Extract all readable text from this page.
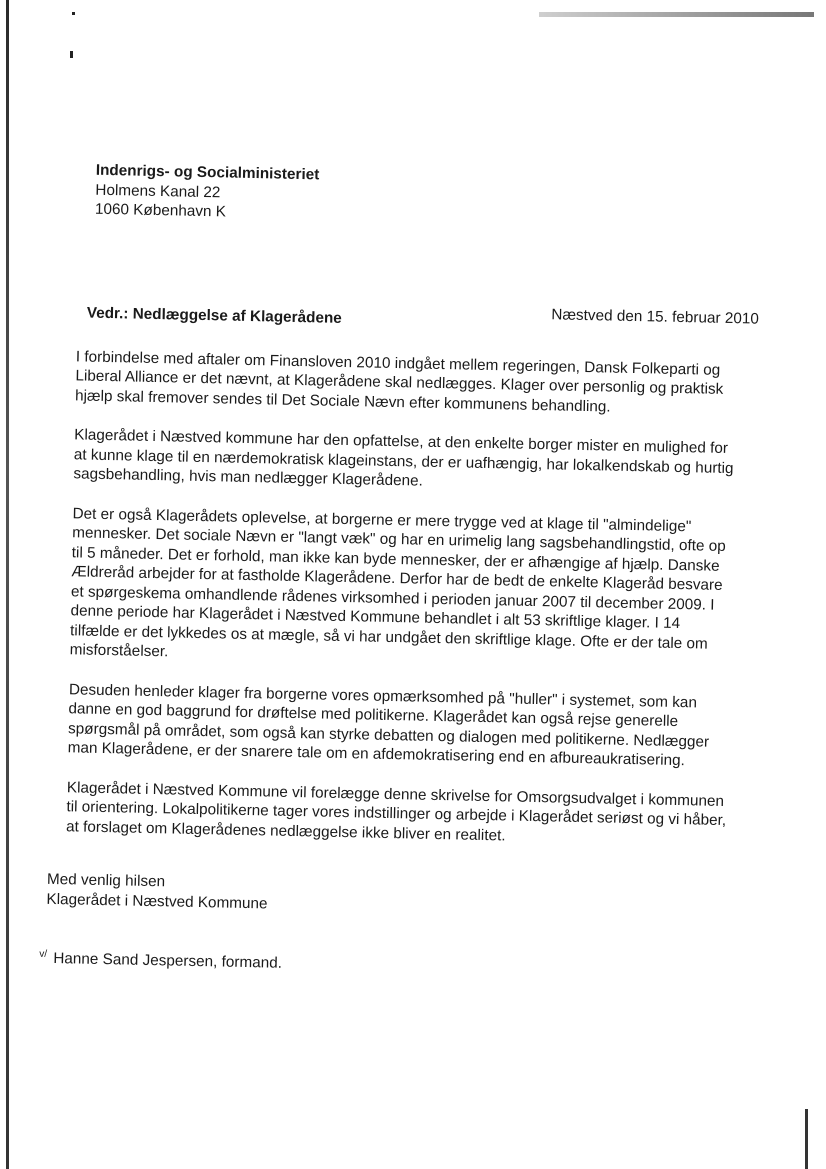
Indenrigs- og Socialministeriet
Holmens Kanal 22
1060 København K
Vedr.: Nedlæggelse af Klagerådene	Næstved den 15. februar 2010

I forbindelse med aftaler om Finansloven 2010 indgået mellem regeringen, Dansk Folkeparti og Liberal Alliance er det nævnt, at Klagerådene skal nedlægges. Klager over personlig og praktisk hjælp skal fremover sendes til Det Sociale Nævn efter kommunens behandling.

Klagerådet i Næstved kommune har den opfattelse, at den enkelte borger mister en mulighed for at kunne klage til en nærdemokratisk klageinstans, der er uafhængig, har lokalkendskab og hurtig sagsbehandling, hvis man nedlægger Klagerådene.

Det er også Klagerådets oplevelse, at borgerne er mere trygge ved at klage til "almindelige" mennesker. Det sociale Nævn er "langt væk" og har en urimelig lang sagsbehandlingstid, ofte op til 5 måneder. Det er forhold, man ikke kan byde mennesker, der er afhængige af hjælp. Danske Ældreråd arbejder for at fastholde Klagerådene. Derfor har de bedt de enkelte Klageråd besvare et spørgeskema omhandlende rådenes virksomhed i perioden januar 2007 til december 2009. I denne periode har Klagerådet i Næstved Kommune behandlet i alt 53 skriftlige klager. I 14 tilfælde er det lykkedes os at mægle, så vi har undgået den skriftlige klage. Ofte er der tale om misforståelser.

Desuden henleder klager fra borgerne vores opmærksomhed på "huller" i systemet, som kan danne en god baggrund for drøftelse med politikerne. Klagerådet kan også rejse generelle spørgsmål på området, som også kan styrke debatten og dialogen med politikerne. Nedlægger man Klagerådene, er der snarere tale om en afdemokratisering end en afbureaukratisering.

Klagerådet i Næstved Kommune vil forelægge denne skrivelse for Omsorgsudvalget i kommunen til orientering. Lokalpolitikerne tager vores indstillinger og arbejde i Klagerådet seriøst og vi håber, at forslaget om Klagerådenes nedlæggelse ikke bliver en realitet.

Med venlig hilsen
Klagerådet i Næstved Kommune
$^{v/}$ Hanne Sand Jespersen, formand.
